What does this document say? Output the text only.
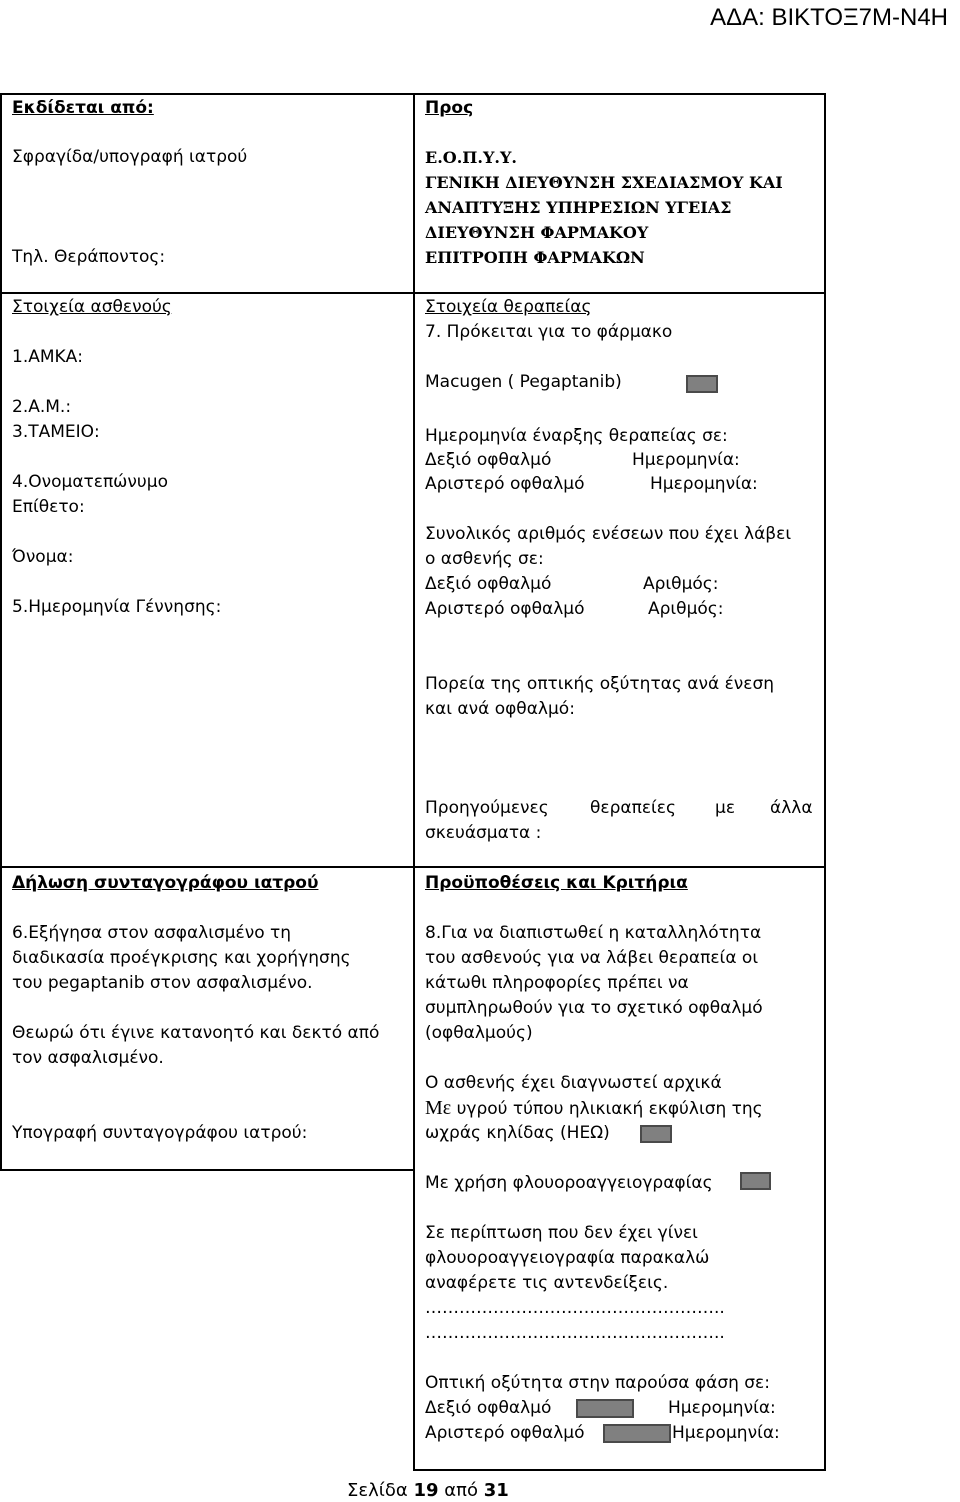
ΑΔΑ: ΒΙΚΤΟΞ7Μ-Ν4Η
Εκδίδεται από:
Σφραγίδα/υπογραφή ιατρού
Τηλ. Θεράποντος:
Στοιχεία ασθενούς
1.ΑΜΚΑ:
2.Α.Μ.:
3.ΤΑΜΕΙΟ:
4.Ονοματεπώνυμο
Επίθετο:
Όνομα:
5.Ημερομηνία Γέννησης:
Προς
Ε.Ο.Π.Υ.Υ.
ΓΕΝΙΚΗ ΔΙΕΥΘΥΝΣΗ ΣΧΕΔΙΑΣΜΟΥ ΚΑΙ
ΑΝΑΠΤΥΞΗΣ ΥΠΗΡΕΣΙΩΝ ΥΓΕΙΑΣ
ΔΙΕΥΘΥΝΣΗ ΦΑΡΜΑΚΟΥ
ΕΠΙΤΡΟΠΗ ΦΑΡΜΑΚΩΝ
Στοιχεία θεραπείας
7. Πρόκειται για το φάρμακο
Macugen ( Pegaptanib)
Ημερομηνία έναρξης θεραπείας σε:
Δεξιό οφθαλμό	Ημερομηνία:
Αριστερό οφθαλμό	Ημερομηνία:
Συνολικός αριθμός ενέσεων που έχει λάβει
ο ασθενής σε:
Δεξιό οφθαλμό	Αριθμός:
Αριστερό οφθαλμό	Αριθμός:
Πορεία της οπτικής οξύτητας ανά ένεση
και ανά οφθαλμό:
Προηγούμενες θεραπείες με άλλα
σκευάσματα :
Δήλωση συνταγογράφου ιατρού
6.Εξήγησα στον ασφαλισμένο τη
διαδικασία προέγκρισης και χορήγησης
του pegaptanib στον ασφαλισμένο.
Θεωρώ ότι έγινε κατανοητό και δεκτό από
τον ασφαλισμένο.
Υπογραφή συνταγογράφου ιατρού:
Προϋποθέσεις και Κριτήρια
8.Για να διαπιστωθεί η καταλληλότητα
του ασθενούς για να λάβει θεραπεία οι
κάτωθι πληροφορίες πρέπει να
συμπληρωθούν για το σχετικό οφθαλμό
(οφθαλμούς)
Ο ασθενής έχει διαγνωστεί αρχικά
Με υγρού τύπου ηλικιακή εκφύλιση της
ωχράς κηλίδας (ΗΕΩ)
Με χρήση φλουοροαγγειογραφίας
Σε περίπτωση που δεν έχει γίνει
φλουοροαγγειογραφία παρακαλώ
αναφέρετε τις αντενδείξεις.
……………………………………………..
……………………………………………..
Οπτική οξύτητα στην παρούσα φάση σε:
Δεξιό οφθαλμό	Ημερομηνία:
Αριστερό οφθαλμό	Ημερομηνία:
Σελίδα 19 από 31
